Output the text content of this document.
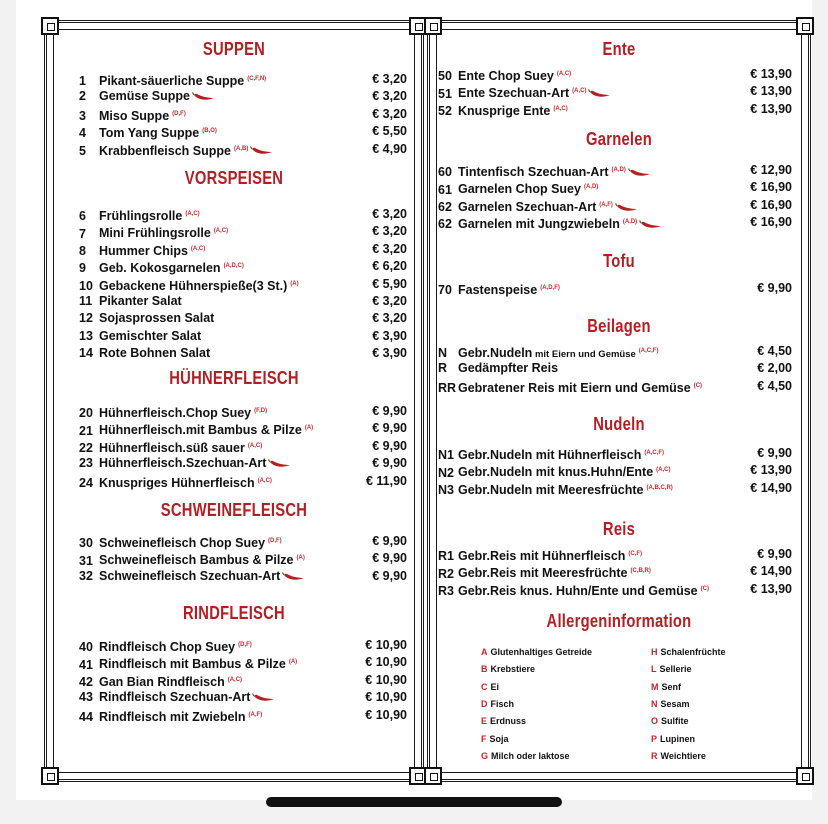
SUPPEN
1 Pikant-säuerliche Suppe $^{(C,F,N)}$	€ 3,20
2 Gemüse Suppe	€ 3,20
3 Miso Suppe $^{(D,F)}$	€ 3,20
4 Tom Yang Suppe $^{(B,O)}$	€ 5,50
5 Krabbenfleisch Suppe $^{(A,B)}$	€ 4,90
VORSPEISEN
6 Frühlingsrolle $^{(A,C)}$	€ 3,20
7 Mini Frühlingsrolle $^{(A,C)}$	€ 3,20
8 Hummer Chips $^{(A,C)}$	€ 3,20
9 Geb. Kokosgarnelen $^{(A,D,C)}$	€ 6,20
10 Gebackene Hühnerspieße(3 St.) $^{(A)}$	€ 5,90
11 Pikanter Salat	€ 3,20
12 Sojasprossen Salat	€ 3,20
13 Gemischter Salat	€ 3,90
14 Rote Bohnen Salat	€ 3,90
HÜHNERFLEISCH
20 Hühnerfleisch.Chop Suey $^{(F,D)}$	€ 9,90
21 Hühnerfleisch.mit Bambus & Pilze $^{(A)}$	€ 9,90
22 Hühnerfleisch.süß sauer $^{(A,C)}$	€ 9,90
23 Hühnerfleisch.Szechuan-Art	€ 9,90
24 Knuspriges Hühnerfleisch $^{(A,C)}$	€ 11,90
SCHWEINEFLEISCH
30 Schweinefleisch Chop Suey $^{(D,F)}$	€ 9,90
31 Schweinefleisch Bambus & Pilze $^{(A)}$	€ 9,90
32 Schweinefleisch Szechuan-Art	€ 9,90
RINDFLEISCH
40 Rindfleisch Chop Suey $^{(D,F)}$	€ 10,90
41 Rindfleisch mit Bambus & Pilze $^{(A)}$	€ 10,90
42 Gan Bian Rindfleisch $^{(A,C)}$	€ 10,90
43 Rindfleisch Szechuan-Art	€ 10,90
44 Rindfleisch mit Zwiebeln $^{(A,F)}$	€ 10,90
Allergeninformation
A Glutenhaltiges Getreide
B Krebstiere
C Ei
D Fisch
E Erdnuss
F Soja
G Milch oder laktose
H Schalenfrüchte
L Sellerie
M Senf
N Sesam
O Sulfite
P Lupinen
R Weichtiere
Ente
50 Ente Chop Suey $^{(A,C)}$	€ 13,90
51 Ente Szechuan-Art $^{(A,C)}$	€ 13,90
52 Knusprige Ente $^{(A,C)}$	€ 13,90
Garnelen
60 Tintenfisch Szechuan-Art $^{(A,D)}$	€ 12,90
61 Garnelen Chop Suey $^{(A,D)}$	€ 16,90
62 Garnelen Szechuan-Art $^{(A,F)}$	€ 16,90
62 Garnelen mit Jungzwiebeln $^{(A,D)}$	€ 16,90
Tofu
70 Fastenspeise $^{(A,D,F)}$	€ 9,90
Beilagen
N Gebr.Nudeln mit Eiern und Gemüse $^{(A,C,F)}$	€ 4,50
R Gedämpfter Reis	€ 2,00
RR Gebratener Reis mit Eiern und Gemüse $^{(C)}$	€ 4,50
Nudeln
N1 Gebr.Nudeln mit Hühnerfleisch $^{(A,C,F)}$	€ 9,90
N2 Gebr.Nudeln mit knus.Huhn/Ente $^{(A,C)}$	€ 13,90
N3 Gebr.Nudeln mit Meeresfrüchte $^{(A,B,C,R)}$	€ 14,90
Reis
R1 Gebr.Reis mit Hühnerfleisch $^{(C,F)}$	€ 9,90
R2 Gebr.Reis mit Meeresfrüchte $^{(C,B,R)}$	€ 14,90
R3 Gebr.Reis knus. Huhn/Ente und Gemüse $^{(C)}$	€ 13,90
